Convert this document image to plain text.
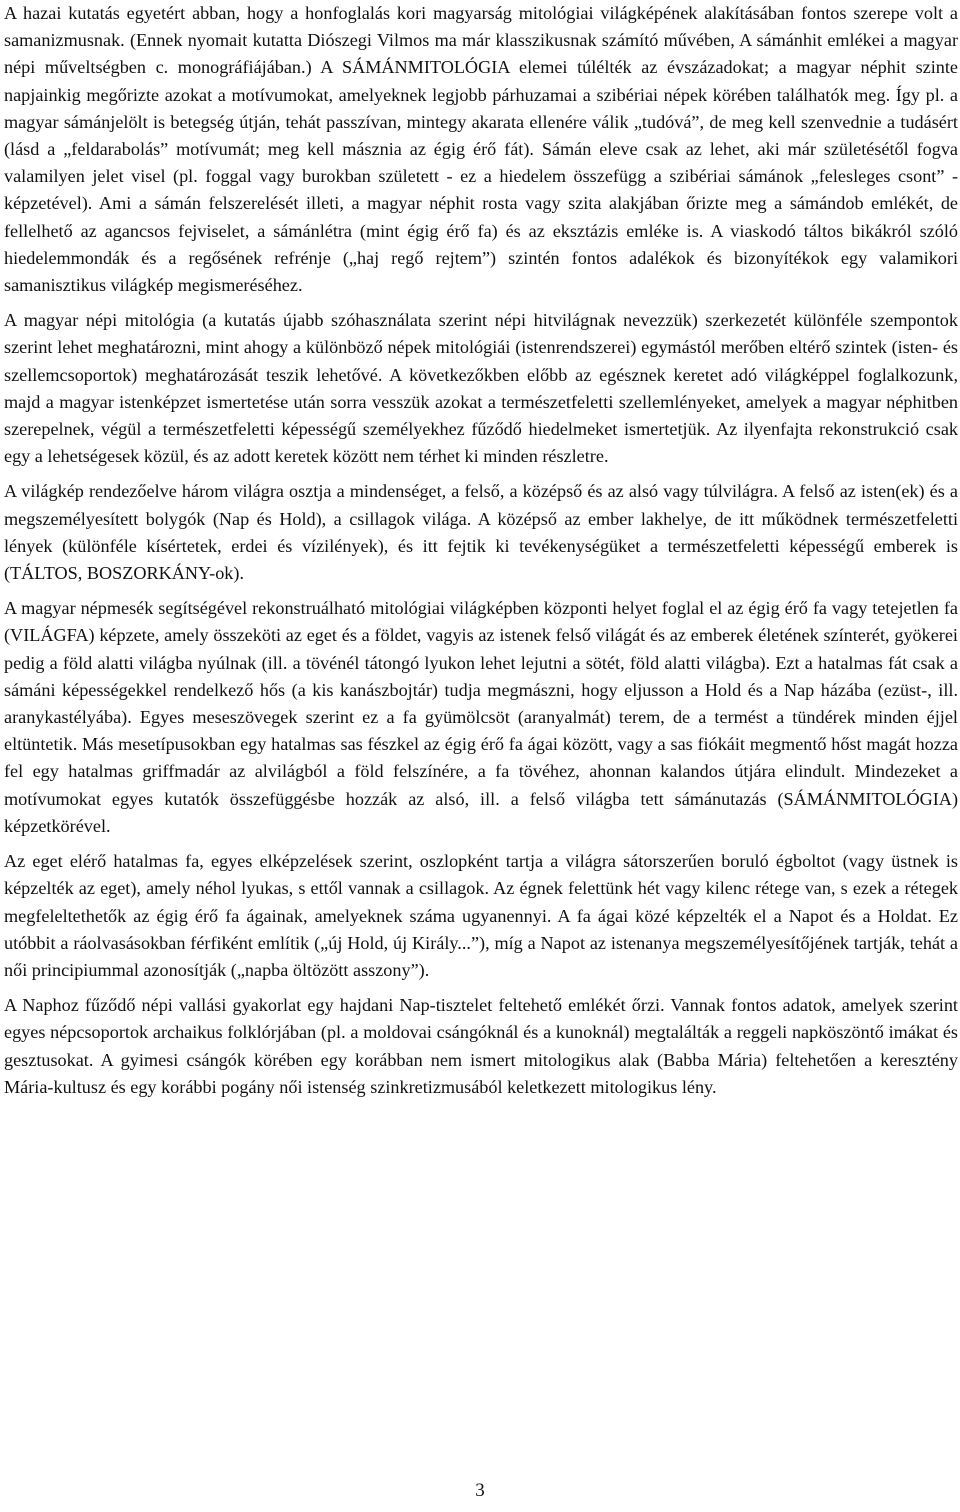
A hazai kutatás egyetért abban, hogy a honfoglalás kori magyarság mitológiai világképének alakításában fontos szerepe volt a samanizmusnak. (Ennek nyomait kutatta Diószegi Vilmos ma már klasszikusnak számító művében, A sámánhit emlékei a magyar népi műveltségben c. monográfiájában.) A SÁMÁNMITOLÓGIA elemei túlélték az évszázadokat; a magyar néphit szinte napjainkig megőrizte azokat a motívumokat, amelyeknek legjobb párhuzamai a szibériai népek körében találhatók meg. Így pl. a magyar sámánjelölt is betegség útján, tehát passzívan, mintegy akarata ellenére válik „tudóvá”, de meg kell szenvednie a tudásért (lásd a „feldarabolás” motívumát; meg kell másznia az égig érő fát). Sámán eleve csak az lehet, aki már születésétől fogva valamilyen jelet visel (pl. foggal vagy burokban született - ez a hiedelem összefügg a szibériai sámánok „felesleges csont” - képzetével). Ami a sámán felszerelését illeti, a magyar néphit rosta vagy szita alakjában őrizte meg a sámándob emlékét, de fellelhető az agancsos fejviselet, a sámánlétra (mint égig érő fa) és az eksztázis emléke is. A viaskodó táltos bikákról szóló hiedelemmondák és a regősének refrénje („haj regő rejtem”) szintén fontos adalékok és bizonyítékok egy valamikori samanisztikus világkép megismeréséhez.

A magyar népi mitológia (a kutatás újabb szóhasználata szerint népi hitvilágnak nevezzük) szerkezetét különféle szempontok szerint lehet meghatározni, mint ahogy a különböző népek mitológiái (istenrendszerei) egymástól merőben eltérő szintek (isten- és szellemcsoportok) meghatározását teszik lehetővé. A következőkben előbb az egésznek keretet adó világképpel foglalkozunk, majd a magyar istenképzet ismertetése után sorra vesszük azokat a természetfeletti szellemlényeket, amelyek a magyar néphitben szerepelnek, végül a természetfeletti képességű személyekhez fűződő hiedelmeket ismertetjük. Az ilyenfajta rekonstrukció csak egy a lehetségesek közül, és az adott keretek között nem térhet ki minden részletre.

A világkép rendezőelve három világra osztja a mindenséget, a felső, a középső és az alsó vagy túlvilágra. A felső az isten(ek) és a megszemélyesített bolygók (Nap és Hold), a csillagok világa. A középső az ember lakhelye, de itt működnek természetfeletti lények (különféle kísértetek, erdei és vízilények), és itt fejtik ki tevékenységüket a természetfeletti képességű emberek is (TÁLTOS, BOSZORKÁNY-ok).

A magyar népmesék segítségével rekonstruálható mitológiai világképben központi helyet foglal el az égig érő fa vagy tetejetlen fa (VILÁGFA) képzete, amely összeköti az eget és a földet, vagyis az istenek felső világát és az emberek életének színterét, gyökerei pedig a föld alatti világba nyúlnak (ill. a tövénél tátongó lyukon lehet lejutni a sötét, föld alatti világba). Ezt a hatalmas fát csak a sámáni képességekkel rendelkező hős (a kis kanászbojtár) tudja megmászni, hogy eljusson a Hold és a Nap házába (ezüst-, ill. aranykastélyába). Egyes meseszövegek szerint ez a fa gyümölcsöt (aranyalmát) terem, de a termést a tündérek minden éjjel eltüntetik. Más mesetípusokban egy hatalmas sas fészkel az égig érő fa ágai között, vagy a sas fiókáit megmentő hőst magát hozza fel egy hatalmas griffmadár az alvilágból a föld felszínére, a fa tövéhez, ahonnan kalandos útjára elindult. Mindezeket a motívumokat egyes kutatók összefüggésbe hozzák az alsó, ill. a felső világba tett sámánutazás (SÁMÁNMITOLÓGIA) képzetkörével.

Az eget elérő hatalmas fa, egyes elképzelések szerint, oszlopként tartja a világra sátorszerűen boruló égboltot (vagy üstnek is képzelték az eget), amely néhol lyukas, s ettől vannak a csillagok. Az égnek felettünk hét vagy kilenc rétege van, s ezek a rétegek megfeleltethetők az égig érő fa ágainak, amelyeknek száma ugyanennyi. A fa ágai közé képzelték el a Napot és a Holdat. Ez utóbbit a ráolvasásokban férfiként említik („új Hold, új Király...”), míg a Napot az istenanya megszemélyesítőjének tartják, tehát a női principiummal azonosítják („napba öltözött asszony”).

A Naphoz fűződő népi vallási gyakorlat egy hajdani Nap-tisztelet feltehető emlékét őrzi. Vannak fontos adatok, amelyek szerint egyes népcsoportok archaikus folklórjában (pl. a moldovai csángóknál és a kunoknál) megtalálták a reggeli napköszöntő imákat és gesztusokat. A gyimesi csángók körében egy korábban nem ismert mitologikus alak (Babba Mária) feltehetően a keresztény Mária-kultusz és egy korábbi pogány női istenség szinkretizmusából keletkezett mitologikus lény.

3
